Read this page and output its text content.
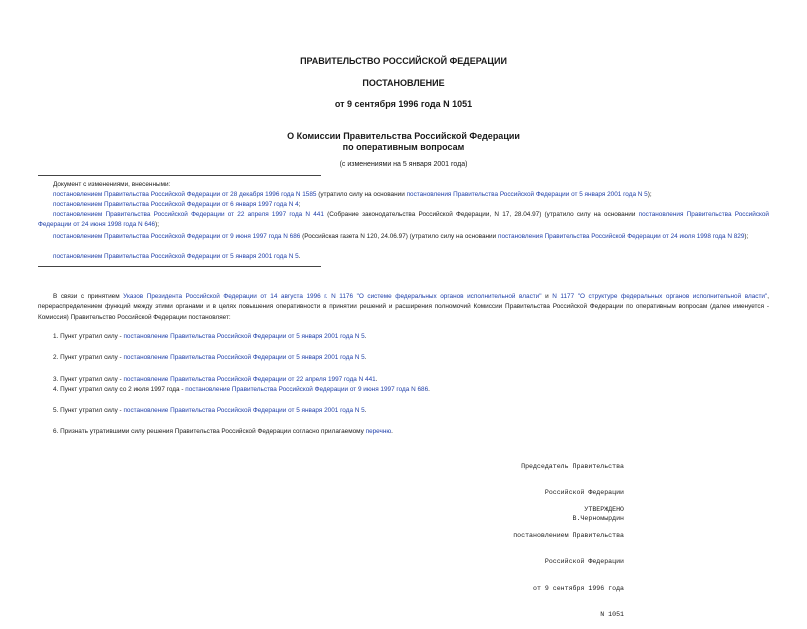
ПРАВИТЕЛЬСТВО РОССИЙСКОЙ ФЕДЕРАЦИИ
ПОСТАНОВЛЕНИЕ
от 9 сентября 1996 года N 1051
О Комиссии Правительства Российской Федерации
по оперативным вопросам
(с изменениями на 5 января 2001 года)
Документ с изменениями, внесенными:
постановлением Правительства Российской Федерации от 28 декабря 1996 года N 1585 (утратило силу на основании постановления Правительства Российской Федерации от 5 января 2001 года N 5);
постановлением Правительства Российской Федерации от 6 января 1997 года N 4;
постановлением Правительства Российской Федерации от 22 апреля 1997 года N 441 (Собрание законодательства Российской Федерации, N 17, 28.04.97) (утратило силу на основании постановления Правительства Российской Федерации от 24 июня 1998 года N 646);
постановлением Правительства Российской Федерации от 9 июня 1997 года N 686 (Российская газета N 120, 24.06.97) (утратило силу на основании постановления Правительства Российской Федерации от 24 июля 1998 года N 829);
постановлением Правительства Российской Федерации от 5 января 2001 года N 5.
В связи с принятием Указов Президента Российской Федерации от 14 августа 1996 г. N 1176 "О системе федеральных органов исполнительной власти" и N 1177 "О структуре федеральных органов исполнительной власти", перераспределением функций между этими органами и в целях повышения оперативности в принятии решений и расширения полномочий Комиссии Правительства Российской Федерации по оперативным вопросам (далее именуется - Комиссия) Правительство Российской Федерации постановляет:
1. Пункт утратил силу - постановление Правительства Российской Федерации от 5 января 2001 года N 5.
2. Пункт утратил силу - постановление Правительства Российской Федерации от 5 января 2001 года N 5.
3. Пункт утратил силу - постановление Правительства Российской Федерации от 22 апреля 1997 года N 441.
4. Пункт утратил силу со 2 июля 1997 года - постановление Правительства Российской Федерации от 9 июня 1997 года N 686.
5. Пункт утратил силу - постановление Правительства Российской Федерации от 5 января 2001 года N 5.
6. Признать утратившими силу решения Правительства Российской Федерации согласно прилагаемому перечню.

Председатель Правительства

Российской Федерации

В.Черномырдин

УТВЕРЖДЕНО

постановлением Правительства

Российской Федерации

от 9 сентября 1996 года

N 1051
